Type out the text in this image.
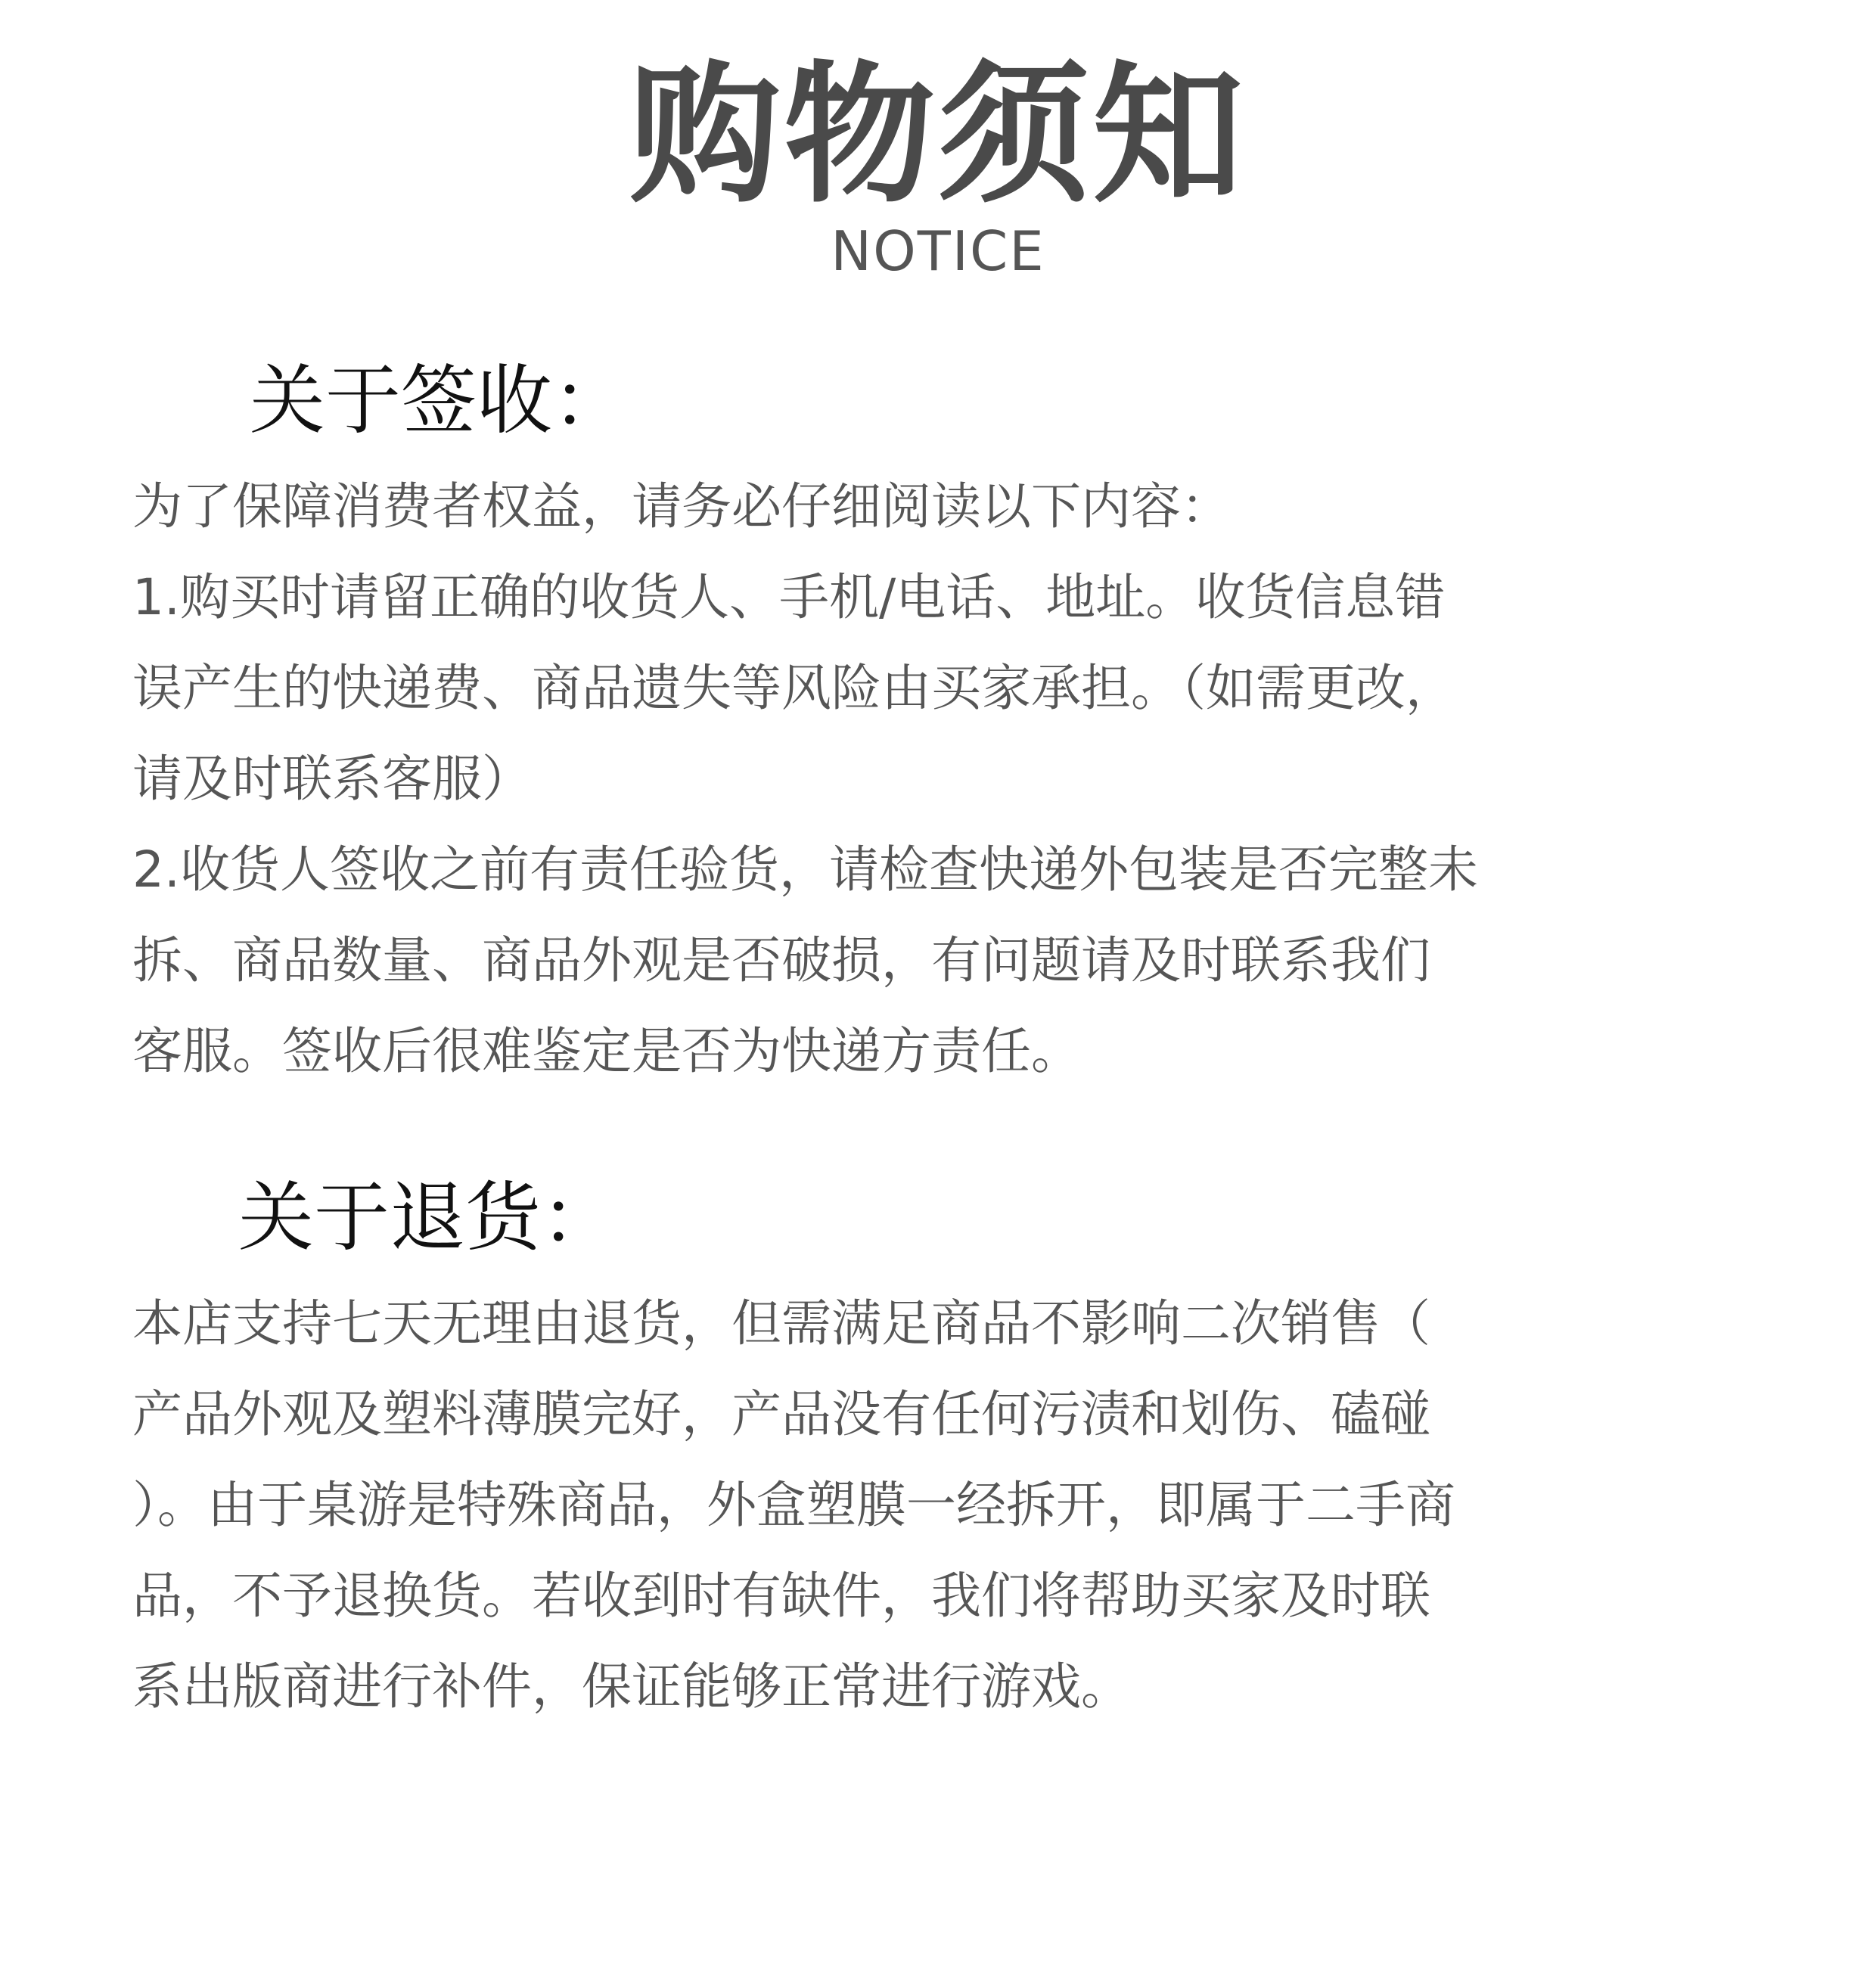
购物须知
NOTICE
关于签收：
为了保障消费者权益，请务必仔细阅读以下内容：
1.购买时请留正确的收货人、手机/电话、地址。收货信息错
误产生的快递费、商品遗失等风险由买家承担。（如需更改，
请及时联系客服）
2.收货人签收之前有责任验货，请检查快递外包装是否完整未
拆、商品数量、商品外观是否破损，有问题请及时联系我们
客服。签收后很难鉴定是否为快递方责任。
关于退货：
本店支持七天无理由退货，但需满足商品不影响二次销售（
产品外观及塑料薄膜完好，产品没有任何污渍和划伤、磕碰
）。由于桌游是特殊商品，外盒塑膜一经拆开，即属于二手商
品，不予退换货。若收到时有缺件，我们将帮助买家及时联
系出版商进行补件，保证能够正常进行游戏。
